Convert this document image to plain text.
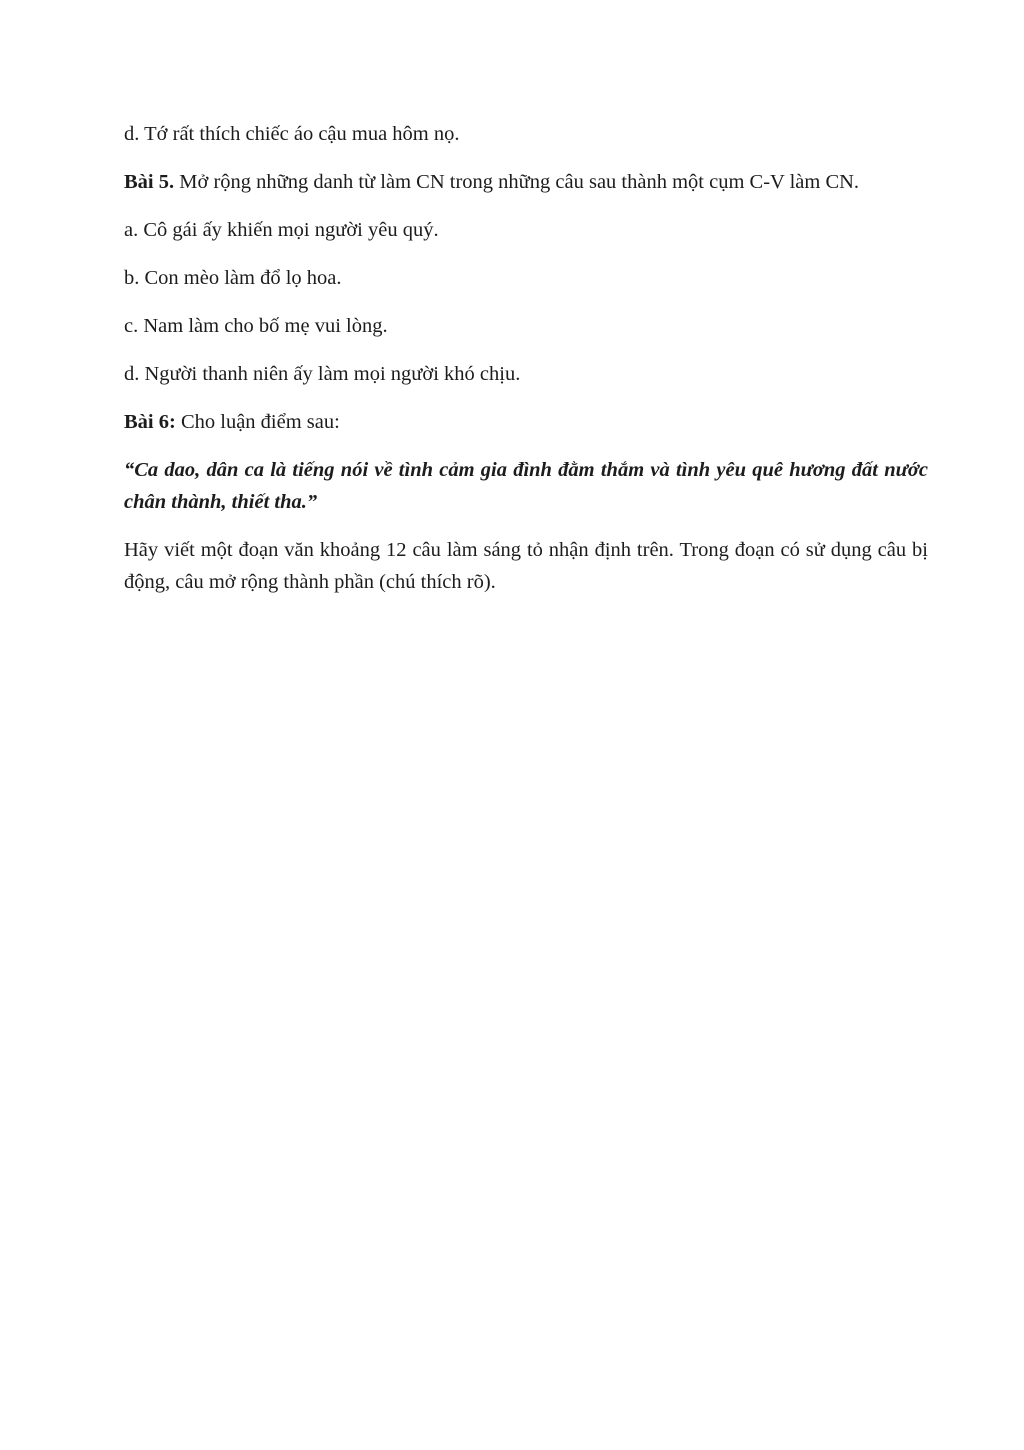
d. Tớ rất thích chiếc áo cậu mua hôm nọ.

Bài 5. Mở rộng những danh từ làm CN trong những câu sau thành một cụm C-V làm CN.

a. Cô gái ấy khiến mọi người yêu quý.

b. Con mèo làm đổ lọ hoa.

c. Nam làm cho bố mẹ vui lòng.

d. Người thanh niên ấy làm mọi người khó chịu.

Bài 6: Cho luận điểm sau:

“Ca dao, dân ca là tiếng nói về tình cảm gia đình đằm thắm và tình yêu quê hương đất nước chân thành, thiết tha.”

Hãy viết một đoạn văn khoảng 12 câu làm sáng tỏ nhận định trên. Trong đoạn có sử dụng câu bị động, câu mở rộng thành phần (chú thích rõ).
